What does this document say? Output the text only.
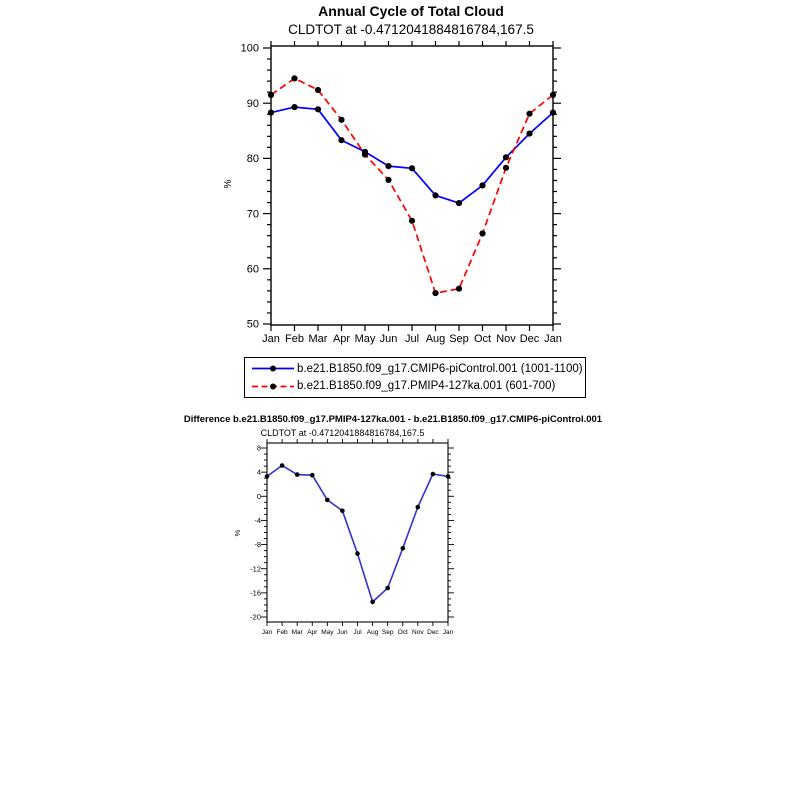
50
60
70
80
90
100
Jan Feb Mar Apr May Jun Jul Aug Sep Oct Nov Dec Jan
-20
-16
-12
-8
-4
0
4
8
Jan Feb Mar Apr May Jun Jul Aug Sep Oct Nov Dec Jan
Annual Cycle of Total Cloud
CLDTOT at -0.4712041884816784,167.5
%
b.e21.B1850.f09_g17.CMIP6-piControl.001 (1001-1100)
b.e21.B1850.f09_g17.PMIP4-127ka.001 (601-700)
Difference b.e21.B1850.f09_g17.PMIP4-127ka.001 - b.e21.B1850.f09_g17.CMIP6-piControl.001
CLDTOT at -0.4712041884816784,167.5
%
